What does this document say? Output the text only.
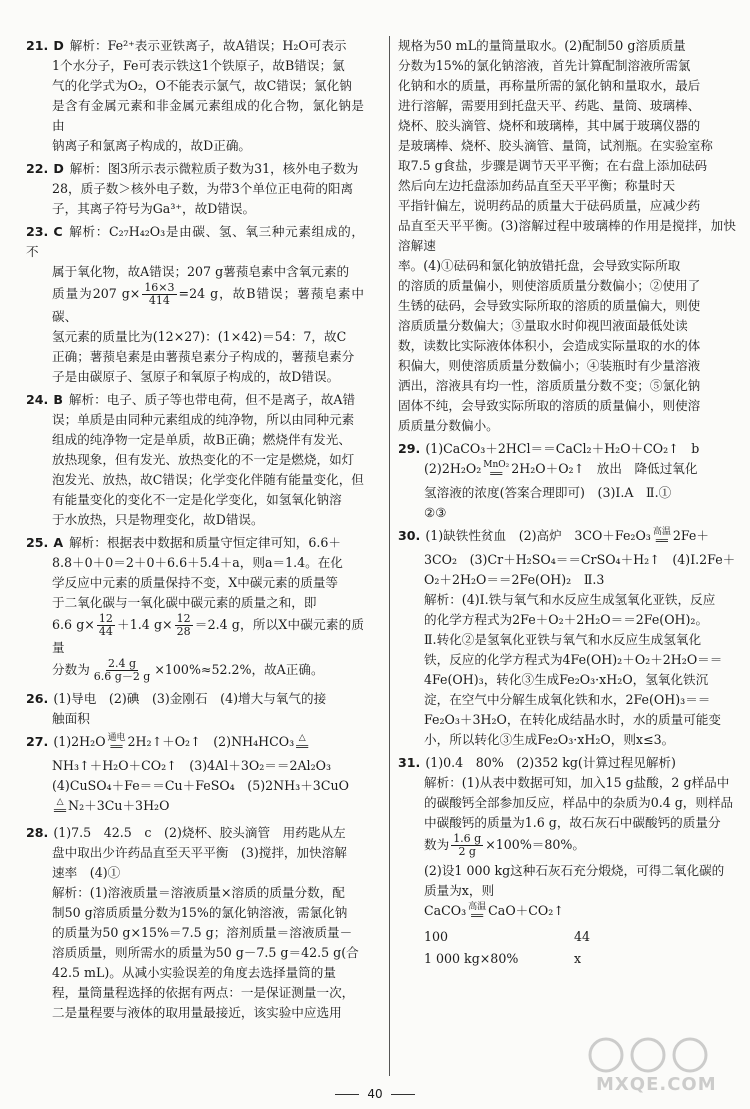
21. D 解析：Fe²⁺表示亚铁离子，故A错误；H₂O可表示
1个水分子，Fe可表示铁这1个铁原子，故B错误；氯
气的化学式为O₂，O不能表示氯气，故C错误；氯化钠
是含有金属元素和非金属元素组成的化合物，氯化钠是由
钠离子和氯离子构成的，故D正确。
22. D 解析：图3所示表示微粒质子数为31，核外电子数为
28，质子数＞核外电子数，为带3个单位正电荷的阳离
子，其离子符号为Ga³⁺，故D错误。
23. C 解析：C₂₇H₄₂O₃是由碳、氢、氧三种元素组成的，不
属于氧化物，故A错误；207 g薯蓣皂素中含氧元素的
质量为207 $g\times \frac{16\times 3}{414} =24$ g，故B错误；薯蓣皂素中碳、
氢元素的质量比为(12×27)：(1×42)＝54：7，故C
正确；薯蓣皂素是由薯蓣皂素分子构成的，薯蓣皂素分
子是由碳原子、氢原子和氧原子构成的，故D错误。
24. B 解析：电子、质子等也带电荷，但不是离子，故A错
误；单质是由同种元素组成的纯净物，所以由同种元素
组成的纯净物一定是单质，故B正确；燃烧伴有发光、
放热现象，但有发光、放热变化的不一定是燃烧，如灯
泡发光、放热，故C错误；化学变化伴随有能量变化，但
有能量变化的变化不一定是化学变化，如氢氧化钠溶
于水放热，只是物理变化，故D错误。
25. A 解析：根据表中数据和质量守恒定律可知，6.6＋
8.8＋0＋0＝2＋0＋6.6＋5.4＋a，则a＝1.4。在化
学反应中元素的质量保持不变，X中碳元素的质量等
于二氧化碳与一氧化碳中碳元素的质量之和，即
6.6 $g\times \frac{12}{44} +1.4$ $g\times \frac{12}{28} =2.4$ g，所以X中碳元素的质量
分数为 $\frac{2.4 g}{6.6 g-2 g} \times 100\%\approx 52.2\%$，故A正确。
26. (1)导电　(2)碘　(3)金刚石　(4)增大与氧气的接
触面积
27. (1)2H₂O 通电
══ 2H₂↑＋O₂↑　(2)NH₄HCO₃ △
══
NH₃↑＋H₂O＋CO₂↑　(3)4Al＋3O₂＝＝2Al₂O₃
(4)CuSO₄＋Fe＝＝Cu＋FeSO₄　(5)2NH₃＋3CuO
△
══ N₂＋3Cu＋3H₂O
28. (1)7.5　42.5　c　(2)烧杯、胶头滴管　用药匙从左
盘中取出少许药品直至天平平衡　(3)搅拌，加快溶解
速率　(4)①
解析：(1)溶液质量＝溶液质量×溶质的质量分数，配
制50 g溶质质量分数为15%的氯化钠溶液，需氯化钠
的质量为50 g×15%＝7.5 g；溶剂质量＝溶液质量－
溶质质量，则所需水的质量为50 g－7.5 g＝42.5 g(合
42.5 mL)。从减小实验误差的角度去选择量筒的量
程，量筒量程选择的依据有两点：一是保证测量一次，
二是量程要与液体的取用量最接近，该实验中应选用
规格为50 mL的量筒量取水。(2)配制50 g溶质质量
分数为15%的氯化钠溶液，首先计算配制溶液所需氯
化钠和水的质量，再称量所需的氯化钠和量取水，最后
进行溶解，需要用到托盘天平、药匙、量筒、玻璃棒、
烧杯、胶头滴管、烧杯和玻璃棒，其中属于玻璃仪器的
是玻璃棒、烧杯、胶头滴管、量筒，试剂瓶。在实验室称
取7.5 g食盐，步骤是调节天平平衡；在右盘上添加砝码
然后向左边托盘添加药品直至天平平衡；称量时天
平指针偏左，说明药品的质量大于砝码质量，应减少药
品直至天平平衡。(3)溶解过程中玻璃棒的作用是搅拌，加快溶解速
率。(4)①砝码和氯化钠放错托盘，会导致实际所取
的溶质的质量偏小，则使溶质质量分数偏小；②使用了
生锈的砝码，会导致实际所取的溶质的质量偏大，则使
溶质质量分数偏大；③量取水时仰视凹液面最低处读
数，读数比实际液体体积小，会造成实际量取的水的体
积偏大，则使溶质质量分数偏小；④装瓶时有少量溶液
洒出，溶液具有均一性，溶质质量分数不变；⑤氯化钠
固体不纯，会导致实际所取的溶质的质量偏小，则使溶
质质量分数偏小。
29. (1)CaCO₃＋2HCl＝＝CaCl₂＋H₂O＋CO₂↑　b
(2)2H₂O₂ MnO₂
══ 2H₂O＋O₂↑　放出　降低过氧化
氢溶液的浓度(答案合理即可)　(3)Ⅰ.A　Ⅱ.①
②③
30. (1)缺铁性贫血　(2)高炉　3CO＋Fe₂O₃ 高温
══ 2Fe＋
3CO₂　(3)Cr＋H₂SO₄＝＝CrSO₄＋H₂↑　(4)Ⅰ.2Fe＋
O₂＋2H₂O＝＝2Fe(OH)₂　Ⅱ.3
解析：(4)Ⅰ.铁与氧气和水反应生成氢氧化亚铁，反应
的化学方程式为2Fe＋O₂＋2H₂O＝＝2Fe(OH)₂。
Ⅱ.转化②是氢氧化亚铁与氧气和水反应生成氢氧化
铁，反应的化学方程式为4Fe(OH)₂＋O₂＋2H₂O＝＝
4Fe(OH)₃，转化③生成Fe₂O₃·xH₂O，氢氧化铁沉
淀，在空气中分解生成氧化铁和水，2Fe(OH)₃＝＝
Fe₂O₃＋3H₂O，在转化成结晶水时，水的质量可能变
小，所以转化③生成Fe₂O₃·xH₂O，则x≤3。
31. (1)0.4　80%　(2)352 kg(计算过程见解析)
解析：(1)从表中数据可知，加入15 g盐酸，2 g样品中
的碳酸钙全部参加反应，样品中的杂质为0.4 g，则样品
中碳酸钙的质量为1.6 g，故石灰石中碳酸钙的质量分
数为 $\frac{1.6 g}{2 g} \times 100\%=80\%$。
(2)设1 000 kg这种石灰石充分煅烧，可得二氧化碳的
质量为x，则
CaCO₃ 高温
══ CaO＋CO₂↑
100	44
1 000 kg×80%	x
40	MXQE.COM
